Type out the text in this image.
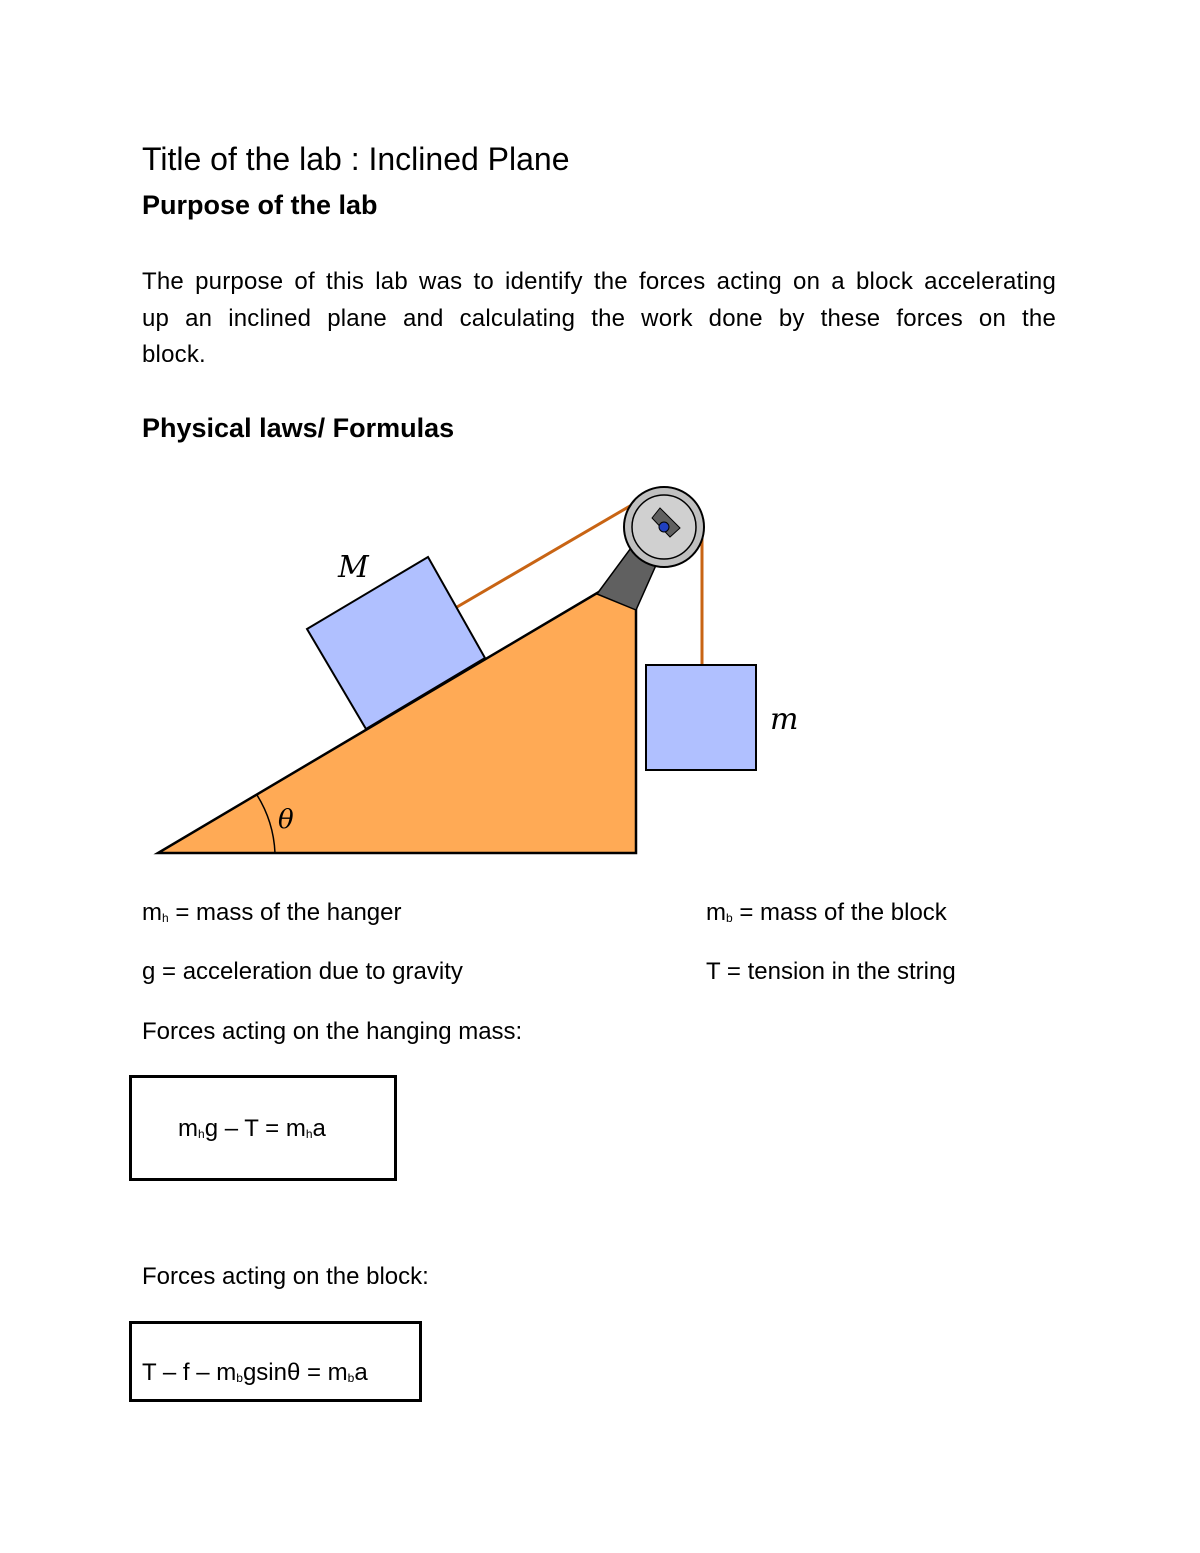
Title of the lab : Inclined Plane
Purpose of the lab
The purpose of this lab was to identify the forces acting on a block accelerating up an inclined plane and calculating the work done by these forces on the block.
Physical laws/ Formulas
θ
M
m
$m_h$ = mass of the hanger	$m_b$ = mass of the block
g = acceleration due to gravity	T = tension in the string
Forces acting on the hanging mass:
$m_hg - T = m_ha$
Forces acting on the block:
$T - f - m_bgsin\theta = m_ba$
